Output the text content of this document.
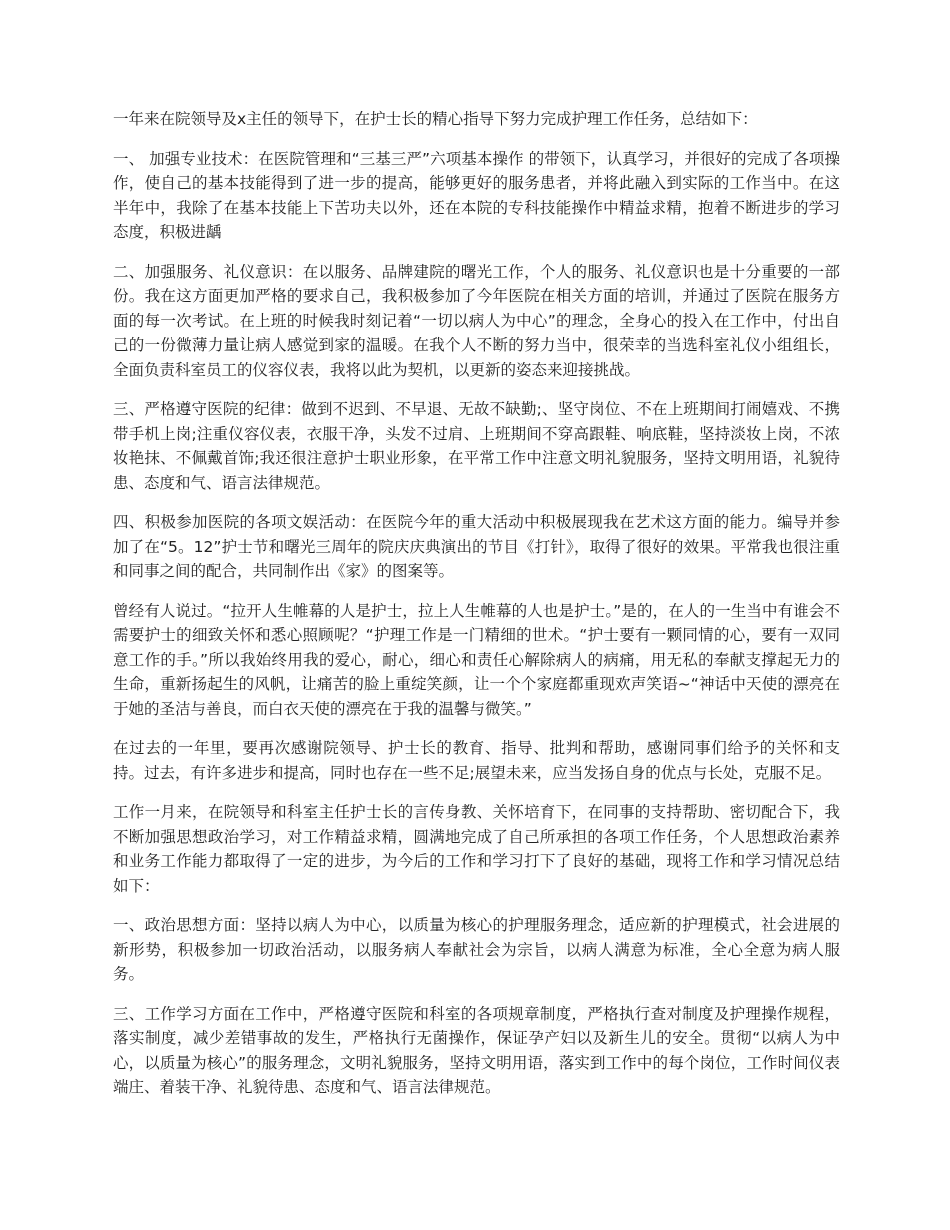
一年来在院领导及x主任的领导下，在护士长的精心指导下努力完成护理工作任务，总结如下：

一、 加强专业技术：在医院管理和“三基三严”六项基本操作 的带领下，认真学习，并很好的完成了各项操作，使自己的基本技能得到了进一步的提高，能够更好的服务患者，并将此融入到实际的工作当中。在这半年中，我除了在基本技能上下苦功夫以外，还在本院的专科技能操作中精益求精，抱着不断进步的学习态度，积极进龋

二、加强服务、礼仪意识：在以服务、品牌建院的曙光工作，个人的服务、礼仪意识也是十分重要的一部份。我在这方面更加严格的要求自己，我积极参加了今年医院在相关方面的培训，并通过了医院在服务方面的每一次考试。在上班的时候我时刻记着“一切以病人为中心”的理念，全身心的投入在工作中，付出自己的一份微薄力量让病人感觉到家的温暖。在我个人不断的努力当中，很荣幸的当选科室礼仪小组组长，全面负责科室员工的仪容仪表，我将以此为契机，以更新的姿态来迎接挑战。

三、严格遵守医院的纪律：做到不迟到、不早退、无故不缺勤;、坚守岗位、不在上班期间打闹嬉戏、不携带手机上岗;注重仪容仪表，衣服干净，头发不过肩、上班期间不穿高跟鞋、响底鞋，坚持淡妆上岗，不浓妆艳抹、不佩戴首饰;我还很注意护士职业形象，在平常工作中注意文明礼貌服务，坚持文明用语，礼貌待患、态度和气、语言法律规范。

四、积极参加医院的各项文娱活动：在医院今年的重大活动中积极展现我在艺术这方面的能力。编导并参加了在“5。12”护士节和曙光三周年的院庆庆典演出的节目《打针》，取得了很好的效果。平常我也很注重和同事之间的配合，共同制作出《家》的图案等。

曾经有人说过。“拉开人生帷幕的人是护士，拉上人生帷幕的人也是护士。”是的，在人的一生当中有谁会不需要护士的细致关怀和悉心照顾呢？“护理工作是一门精细的世术。“护士要有一颗同情的心，要有一双同意工作的手。”所以我始终用我的爱心，耐心，细心和责任心解除病人的病痛，用无私的奉献支撑起无力的生命，重新扬起生的风帆，让痛苦的脸上重绽笑颜，让一个个家庭都重现欢声笑语~“神话中天使的漂亮在于她的圣洁与善良，而白衣天使的漂亮在于我的温馨与微笑。”

在过去的一年里，要再次感谢院领导、护士长的教育、指导、批判和帮助，感谢同事们给予的关怀和支持。过去，有许多进步和提高，同时也存在一些不足;展望未来，应当发扬自身的优点与长处，克服不足。

工作一月来，在院领导和科室主任护士长的言传身教、关怀培育下，在同事的支持帮助、密切配合下，我不断加强思想政治学习，对工作精益求精，圆满地完成了自己所承担的各项工作任务，个人思想政治素养和业务工作能力都取得了一定的进步，为今后的工作和学习打下了良好的基础，现将工作和学习情况总结如下：

一、政治思想方面：坚持以病人为中心，以质量为核心的护理服务理念，适应新的护理模式，社会进展的新形势，积极参加一切政治活动，以服务病人奉献社会为宗旨，以病人满意为标准，全心全意为病人服务。

三、工作学习方面在工作中，严格遵守医院和科室的各项规章制度，严格执行查对制度及护理操作规程，落实制度，减少差错事故的发生，严格执行无菌操作，保证孕产妇以及新生儿的安全。贯彻“以病人为中心，以质量为核心”的服务理念，文明礼貌服务，坚持文明用语，落实到工作中的每个岗位，工作时间仪表端庄、着装干净、礼貌待患、态度和气、语言法律规范。
